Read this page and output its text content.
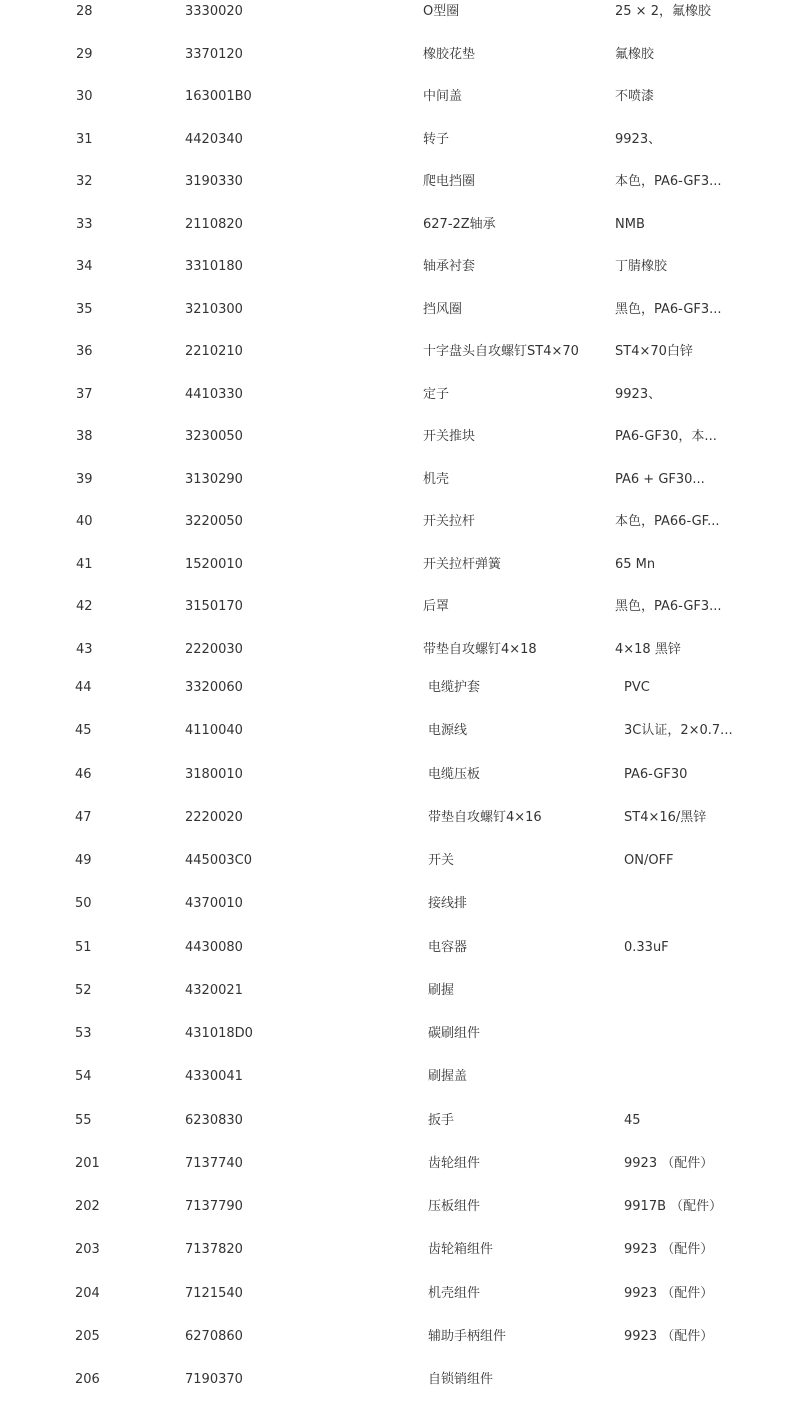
28	3330020	O型圈	25 × 2，氟橡胶
29	3370120	橡胶花垫	氟橡胶
30	163001B0	中间盖	不喷漆
31	4420340	转子	9923、
32	3190330	爬电挡圈	本色，PA6-GF3...
33	2110820	627-2Z轴承	NMB
34	3310180	轴承衬套	丁腈橡胶
35	3210300	挡风圈	黑色，PA6-GF3...
36	2210210	十字盘头自攻螺钉ST4×70	ST4×70白锌
37	4410330	定子	9923、
38	3230050	开关推块	PA6-GF30，本...
39	3130290	机壳	PA6 + GF30...
40	3220050	开关拉杆	本色，PA66-GF...
41	1520010	开关拉杆弹簧	65 Mn
42	3150170	后罩	黑色，PA6-GF3...
43	2220030	带垫自攻螺钉4×18	4×18 黑锌
44	3320060	电缆护套	PVC
45	4110040	电源线	3C认证，2×0.7...
46	3180010	电缆压板	PA6-GF30
47	2220020	带垫自攻螺钉4×16	ST4×16/黑锌
49	445003C0	开关	ON/OFF
50	4370010	接线排
51	4430080	电容器	0.33uF
52	4320021	刷握
53	431018D0	碳刷组件
54	4330041	刷握盖
55	6230830	扳手	45
201	7137740	齿轮组件	9923 （配件）
202	7137790	压板组件	9917B （配件）
203	7137820	齿轮箱组件	9923 （配件）
204	7121540	机壳组件	9923 （配件）
205	6270860	辅助手柄组件	9923 （配件）
206	7190370	自锁销组件
